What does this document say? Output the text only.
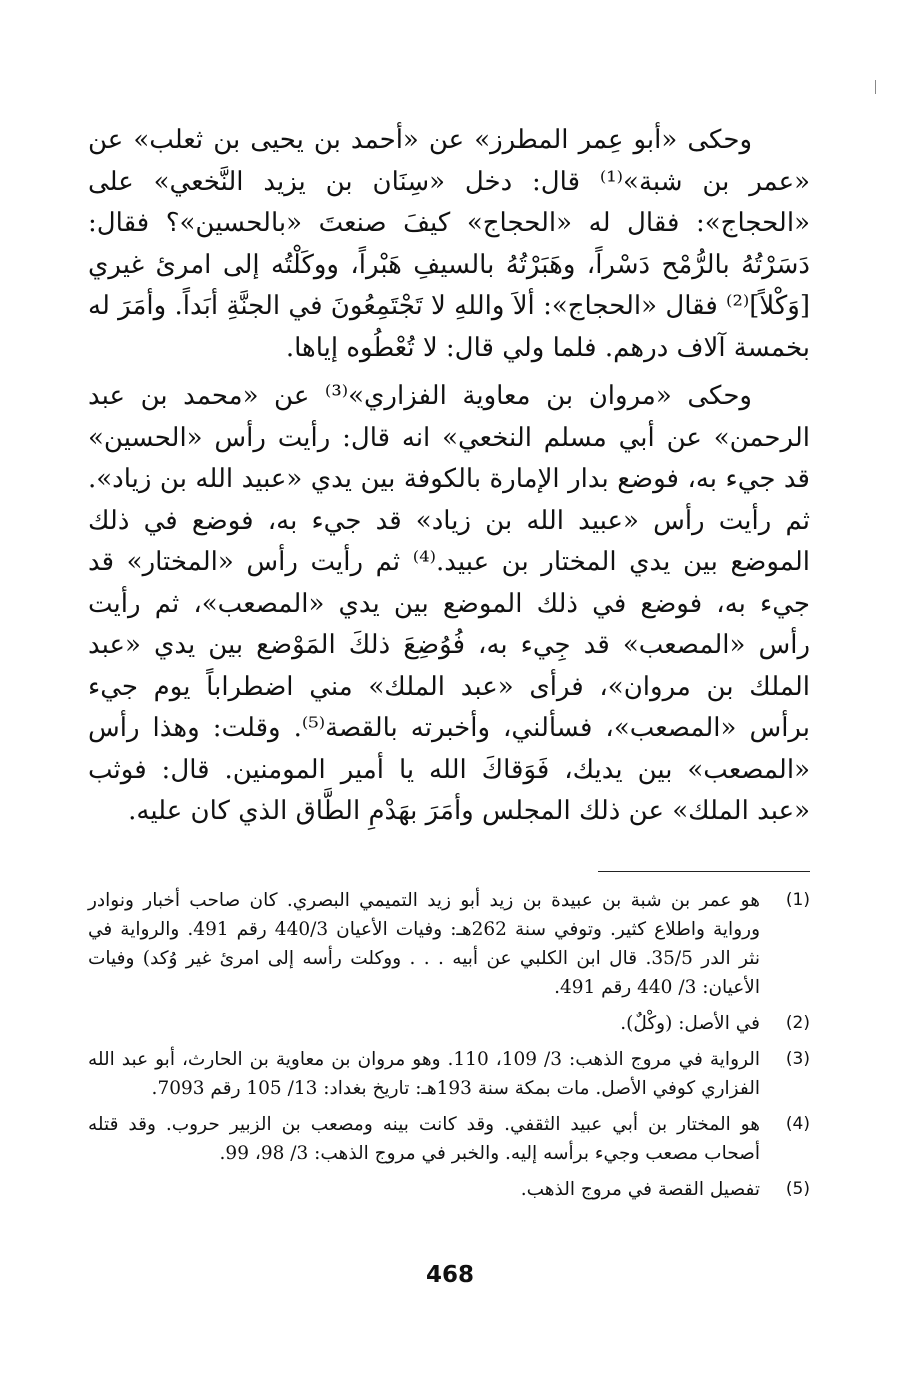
وحكى «أبو عِمر المطرز» عن «أحمد بن يحيى بن ثعلب» عن «عمر بن شبة»⁽¹⁾ قال: دخل «سِنَان بن يزيد النَّخعي» على «الحجاج»: فقال له «الحجاج» كيفَ صنعتَ «بالحسين»؟ فقال: دَسَرْتُهُ بالرُّمْح دَسْراً، وهَبَرْتُهُ بالسيفِ هَبْراً، ووكَلْتُه إلى امرئ غيري [وَكْلاً]⁽²⁾ فقال «الحجاج»: ألاَ واللهِ لا تَجْتَمِعُونَ في الجنَّةِ أبَداً. وأمَرَ له بخمسة آلاف درهم. فلما ولي قال: لا تُعْطُوه إياها.

وحكى «مروان بن معاوية الفزاري»⁽³⁾ عن «محمد بن عبد الرحمن» عن أبي مسلم النخعي» انه قال: رأيت رأس «الحسين» قد جيء به، فوضع بدار الإمارة بالكوفة بين يدي «عبيد الله بن زياد». ثم رأيت رأس «عبيد الله بن زياد» قد جيء به، فوضع في ذلك الموضع بين يدي المختار بن عبيد.⁽⁴⁾ ثم رأيت رأس «المختار» قد جيء به، فوضع في ذلك الموضع بين يدي «المصعب»، ثم رأيت رأس «المصعب» قد جِيء به، فُوُضِعَ ذلكَ المَوْضع بين يدي «عبد الملك بن مروان»، فرأى «عبد الملك» مني اضطراباً يوم جيء برأس «المصعب»، فسألني، وأخبرته بالقصة⁽⁵⁾. وقلت: وهذا رأس «المصعب» بين يديك، فَوَقاكَ الله يا أمير المومنين. قال: فوثب «عبد الملك» عن ذلك المجلس وأمَرَ بهَدْمِ الطَّاق الذي كان عليه.

(1)
هو عمر بن شبة بن عبيدة بن زيد أبو زيد التميمي البصري. كان صاحب أخبار ونوادر ورواية واطلاع كثير. وتوفي سنة 262هـ: وفيات الأعيان 440/3 رقم 491. والرواية في نثر الدر 35/5. قال ابن الكلبي عن أبيه . . . ووكلت رأسه إلى امرئ غير وُكد) وفيات الأعيان: 3/ 440 رقم 491.
(2)
في الأصل: (وكْلٌ).
(3)
الرواية في مروج الذهب: 3/ 109، 110. وهو مروان بن معاوية بن الحارث، أبو عبد الله الفزاري كوفي الأصل. مات بمكة سنة 193هـ: تاريخ بغداد: 13/ 105 رقم 7093.
(4)
هو المختار بن أبي عبيد الثقفي. وقد كانت بينه ومصعب بن الزبير حروب. وقد قتله أصحاب مصعب وجيء برأسه إليه. والخبر في مروج الذهب: 3/ 98، 99.
(5)
تفصيل القصة في مروج الذهب.
468
